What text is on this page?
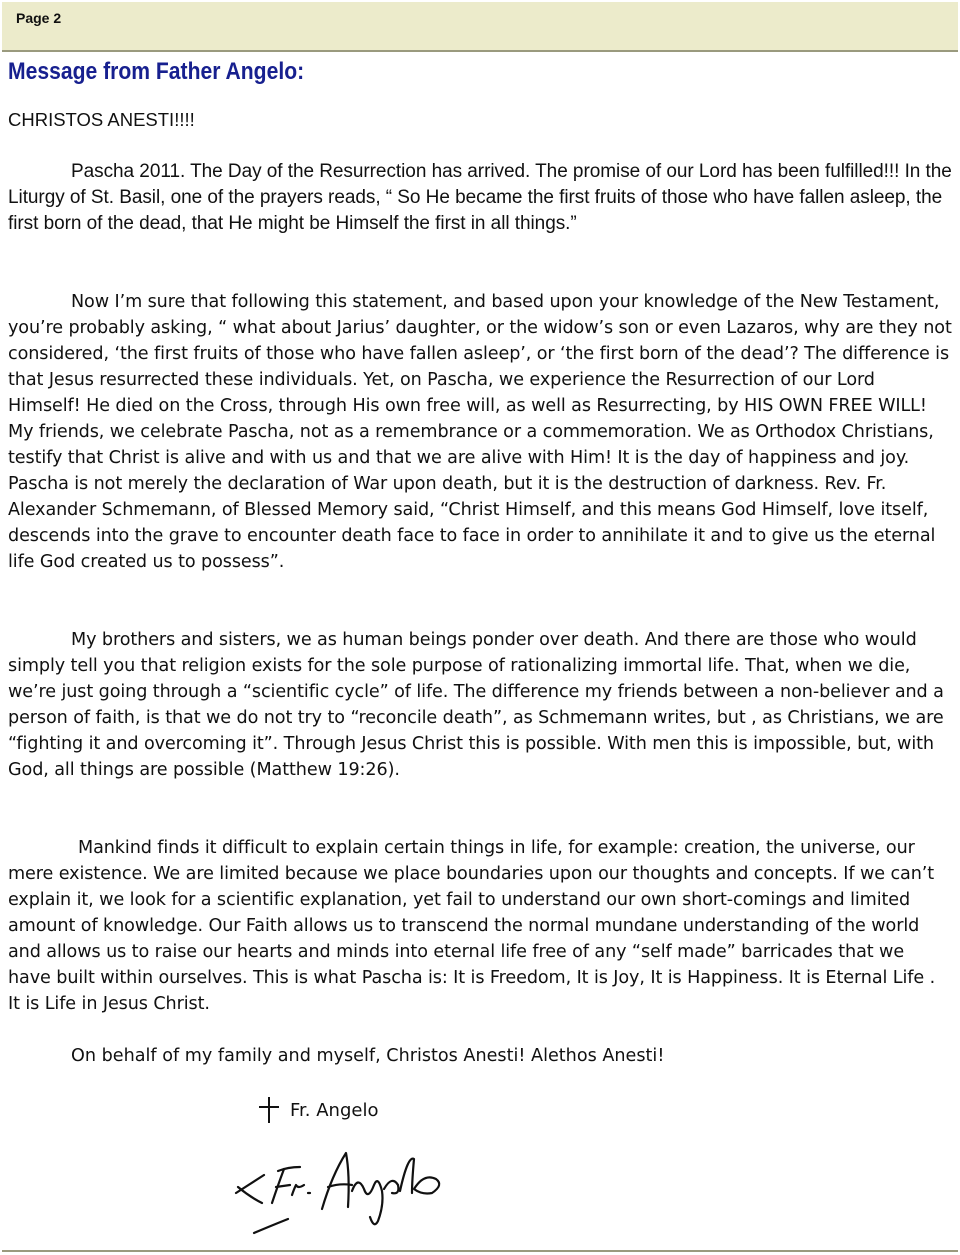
Page 2
Message from Father Angelo:
CHRISTOS ANESTI!!!!

Pascha 2011. The Day of the Resurrection has arrived. The promise of our Lord has been fulfilled!!! In the Liturgy of St. Basil, one of the prayers reads, “ So He became the first fruits of those who have fallen asleep, the first born of the dead, that He might be Himself the first in all things.”

Now I’m sure that following this statement, and based upon your knowledge of the New Testament, you’re probably asking, “ what about Jarius’ daughter, or the widow’s son or even Lazaros, why are they not considered, ‘the first fruits of those who have fallen asleep’, or ‘the first born of the dead’? The difference is that Jesus resurrected these individuals. Yet, on Pascha, we experience the Resurrection of our Lord Himself! He died on the Cross, through His own free will, as well as Resurrecting, by HIS OWN FREE WILL! My friends, we celebrate Pascha, not as a remembrance or a commemoration. We as Orthodox Christians, testify that Christ is alive and with us and that we are alive with Him! It is the day of happiness and joy. Pascha is not merely the declaration of War upon death, but it is the destruction of darkness. Rev. Fr. Alexander Schmemann, of Blessed Memory said, “Christ Himself, and this means God Himself, love itself, descends into the grave to encounter death face to face in order to annihilate it and to give us the eternal life God created us to possess”.

My brothers and sisters, we as human beings ponder over death. And there are those who would simply tell you that religion exists for the sole purpose of rationalizing immortal life. That, when we die, we’re just going through a “scientific cycle” of life. The difference my friends between a non-believer and a person of faith, is that we do not try to “reconcile death”, as Schmemann writes, but , as Christians, we are “fighting it and overcoming it”. Through Jesus Christ this is possible. With men this is impossible, but, with God, all things are possible (Matthew 19:26).

Mankind finds it difficult to explain certain things in life, for example: creation, the universe, our mere existence. We are limited because we place boundaries upon our thoughts and concepts. If we can’t explain it, we look for a scientific explanation, yet fail to understand our own short-comings and limited amount of knowledge. Our Faith allows us to transcend the normal mundane understanding of the world and allows us to raise our hearts and minds into eternal life free of any “self made” barricades that we have built within ourselves. This is what Pascha is: It is Freedom, It is Joy, It is Happiness. It is Eternal Life . It is Life in Jesus Christ.

On behalf of my family and myself, Christos Anesti! Alethos Anesti!
Fr. Angelo
